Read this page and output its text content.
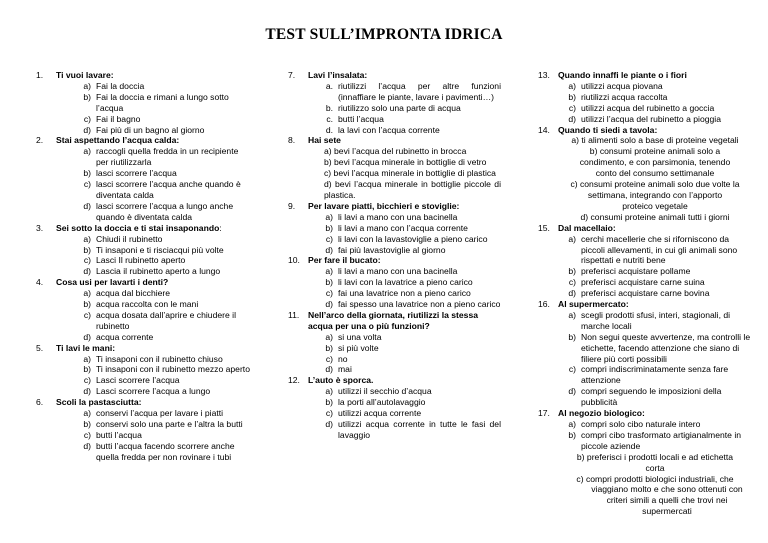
TEST SULL’IMPRONTA IDRICA
1.	Ti vuoi lavare:
a) Fai la doccia
b) Fai la doccia e rimani a lungo sotto l’acqua
c) Fai il bagno
d) Fai più di un bagno al giorno
2.	Stai aspettando l’acqua calda:
a) raccogli quella fredda in un recipiente per riutilizzarla
b) lasci scorrere l’acqua
c) lasci scorrere l’acqua anche quando è diventata calda
d) lasci scorrere l’acqua a lungo anche quando è diventata calda
3.	Sei sotto la doccia e ti stai insaponando:
a) Chiudi il rubinetto
b) Ti insaponi e ti risciacqui più volte
c) Lasci Il rubinetto aperto
d) Lascia il rubinetto aperto a lungo
4.	Cosa usi per lavarti i denti?
a) acqua dal bicchiere
b) acqua raccolta con le mani
c) acqua dosata dall’aprire e chiudere il rubinetto
d) acqua corrente
5.	Ti lavi le mani:
a) Ti insaponi con il rubinetto chiuso
b) Ti insaponi con il rubinetto mezzo aperto
c) Lasci scorrere l’acqua
d) Lasci scorrere l’acqua a lungo
6.	Scoli la pastasciutta:
a) conservi l’acqua per lavare i piatti
b) conservi solo una parte e l’altra la butti
c) butti l’acqua
d) butti l’acqua facendo scorrere anche quella fredda per non rovinare i tubi
7.	Lavi l’insalata:
a. riutilizzi l’acqua per altre funzioni (innaffiare le piante, lavare i pavimenti…)
b. riutilizzo solo una parte di acqua
c. butti l’acqua
d. la lavi con l’acqua corrente
8.	Hai sete
a) bevi l’acqua del rubinetto in brocca
b) bevi l’acqua minerale in bottiglie di vetro
c) bevi l’acqua minerale in bottiglie di plastica
d) bevi l’acqua minerale in bottiglie piccole di plastica.
9.	Per lavare piatti, bicchieri e stoviglie:
a) li lavi a mano con una bacinella
b) li lavi a mano con l’acqua corrente
c) li lavi con la lavastoviglie a pieno carico
d) fai più lavastoviglie al giorno
10. Per fare il bucato:
a) li lavi a mano con una bacinella
b) li lavi con la lavatrice a pieno carico
c) fai una lavatrice non a pieno carico
d) fai spesso una lavatrice non a pieno carico
11.	Nell’arco della giornata, riutilizzi la stessa acqua per una o più funzioni?
a) si una volta
b) si più volte
c) no
d) mai
12. L’auto è sporca.
a) utilizzi il secchio d’acqua
b) la porti all’autolavaggio
c) utilizzi acqua corrente
d) utilizzi acqua corrente in tutte le fasi del lavaggio
13. Quando innaffi le piante o i fiori
a) utilizzi acqua piovana
b) riutilizzi acqua raccolta
c) utilizzi acqua del rubinetto a goccia
d) utilizzi l’acqua del rubinetto a pioggia
14. Quando ti siedi a tavola:
a) ti alimenti solo a base di proteine vegetali
b) consumi proteine animali solo a
condimento, e con parsimonia, tenendo
conto del consumo settimanale
c) consumi proteine animali solo due volte la
settimana, integrando con l’apporto
proteico vegetale
d) consumi proteine animali tutti i giorni
15. Dal macellaio:
a) cerchi macellerie che si riforniscono da piccoli allevamenti, in cui gli animali sono rispettati e nutriti bene
b) preferisci acquistare pollame
c) preferisci acquistare carne suina
d) preferisci acquistare carne bovina
16. Al supermercato:
a) scegli prodotti sfusi, interi, stagionali, di marche locali
b) Non segui queste avvertenze, ma controlli le etichette, facendo attenzione che siano di filiere più corti possibili
c) compri indiscriminatamente senza fare attenzione
d) compri seguendo le imposizioni della pubblicità
17. Al negozio biologico:
a) compri solo cibo naturale intero
b) compri cibo trasformato artigianalmente in piccole aziende
b) preferisci i prodotti locali e ad etichetta
corta
c) compri prodotti biologici industriali, che
viaggiano molto e che sono ottenuti con criteri simili a quelli che trovi nei supermercati
